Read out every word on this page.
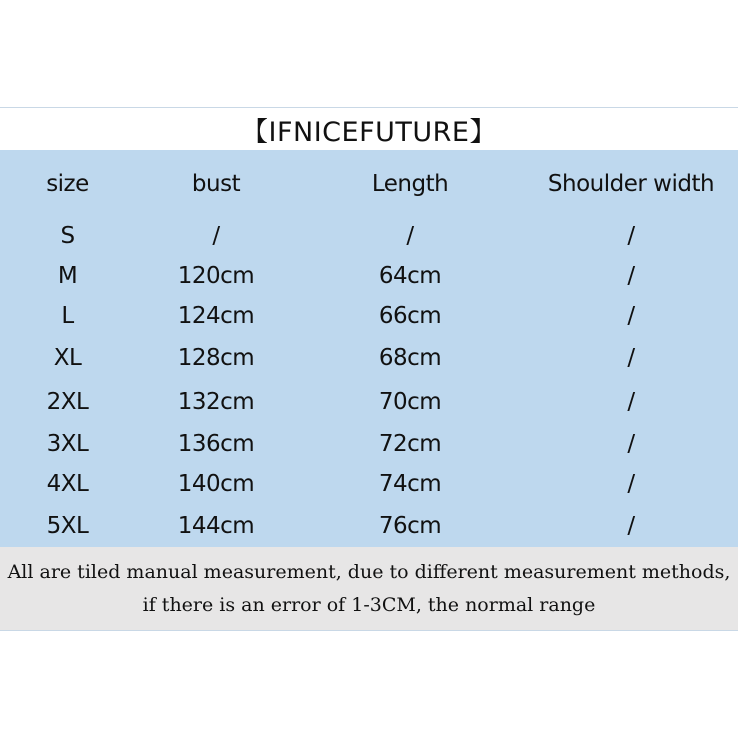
【IFNICEFUTURE】
size	bust	Length	Shoulder width
S	/	/	/
M	120cm	64cm	/
L	124cm	66cm	/
XL	128cm	68cm	/
2XL	132cm	70cm	/
3XL	136cm	72cm	/
4XL	140cm	74cm	/
5XL	144cm	76cm	/
All are tiled manual measurement, due to different measurement methods, if there is an error of 1-3CM, the normal range
